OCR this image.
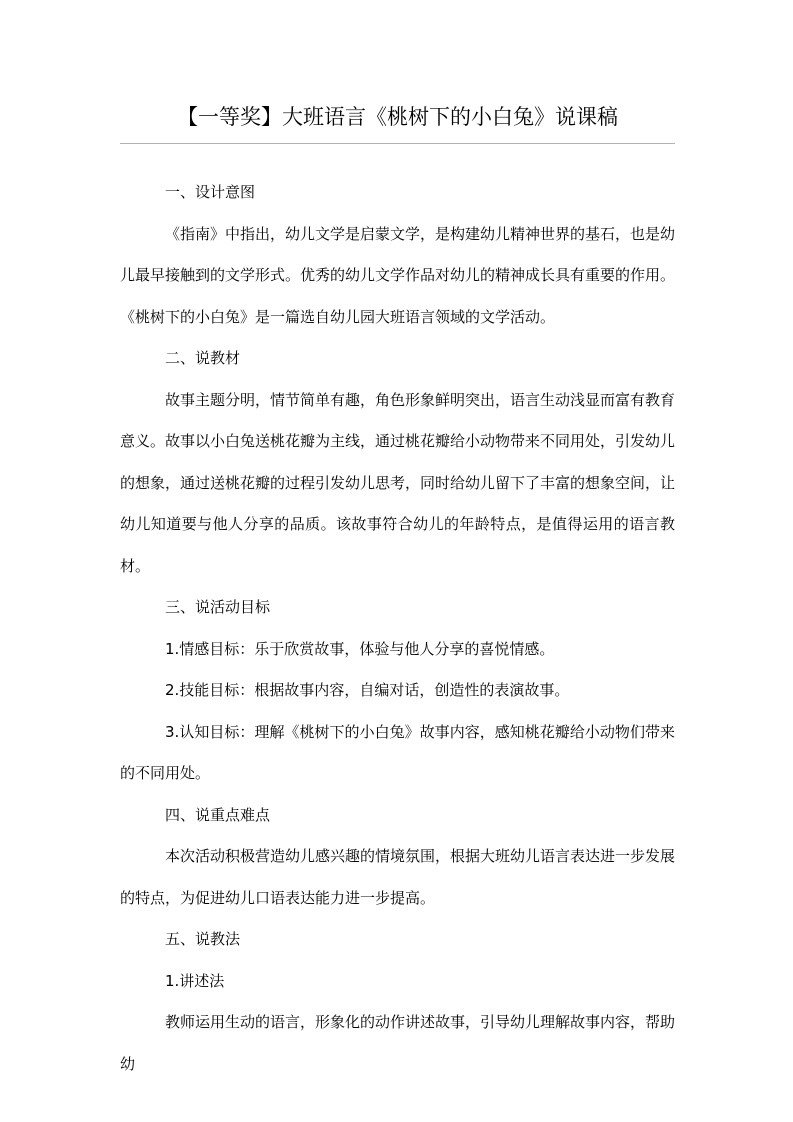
【一等奖】大班语言《桃树下的小白兔》说课稿

一、设计意图

《指南》中指出，幼儿文学是启蒙文学，是构建幼儿精神世界的基石，也是幼儿最早接触到的文学形式。优秀的幼儿文学作品对幼儿的精神成长具有重要的作用。《桃树下的小白兔》是一篇选自幼儿园大班语言领域的文学活动。

二、说教材

故事主题分明，情节简单有趣，角色形象鲜明突出，语言生动浅显而富有教育意义。故事以小白兔送桃花瓣为主线，通过桃花瓣给小动物带来不同用处，引发幼儿的想象，通过送桃花瓣的过程引发幼儿思考，同时给幼儿留下了丰富的想象空间，让幼儿知道要与他人分享的品质。该故事符合幼儿的年龄特点，是值得运用的语言教材。

三、说活动目标

1.情感目标：乐于欣赏故事，体验与他人分享的喜悦情感。

2.技能目标：根据故事内容，自编对话，创造性的表演故事。

3.认知目标：理解《桃树下的小白兔》故事内容，感知桃花瓣给小动物们带来的不同用处。

四、说重点难点

本次活动积极营造幼儿感兴趣的情境氛围，根据大班幼儿语言表达进一步发展的特点，为促进幼儿口语表达能力进一步提高。

五、说教法

1.讲述法

教师运用生动的语言，形象化的动作讲述故事，引导幼儿理解故事内容，帮助幼
